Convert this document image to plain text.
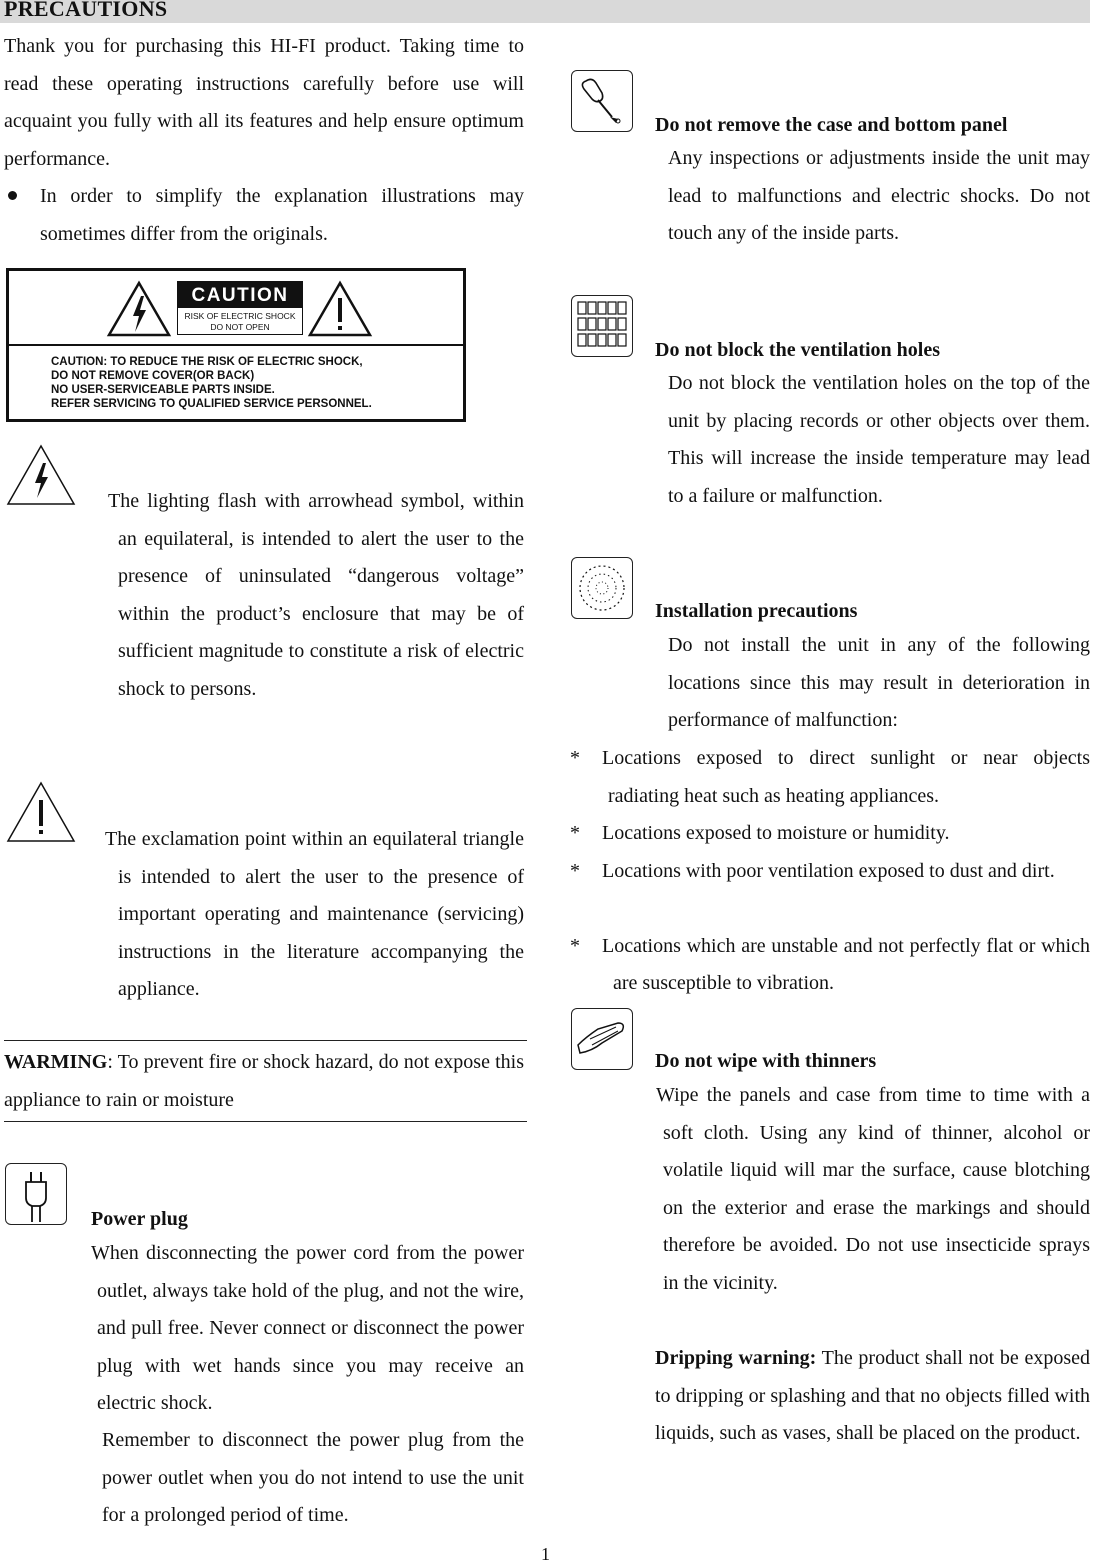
PRECAUTIONS

Thank you for purchasing this HI-FI product. Taking time to read these operating instructions carefully before use will acquaint you fully with all its features and help ensure optimum performance.

In order to simplify the explanation illustrations may sometimes differ from the originals.

CAUTION
RISK OF ELECTRIC SHOCK
DO NOT OPEN
CAUTION: TO REDUCE THE RISK OF ELECTRIC SHOCK,
DO NOT REMOVE COVER(OR BACK)
NO USER-SERVICEABLE PARTS INSIDE.
REFER SERVICING TO QUALIFIED SERVICE PERSONNEL.

The lighting flash with arrowhead symbol, within an equilateral, is intended to alert the user to the presence of uninsulated “dangerous voltage” within the product’s enclosure that may be of sufficient magnitude to constitute a risk of electric shock to persons.

The exclamation point within an equilateral triangle is intended to alert the user to the presence of important operating and maintenance (servicing) instructions in the literature accompanying the appliance.

WARMING: To prevent fire or shock hazard, do not expose this appliance to rain or moisture

Power plug

When disconnecting the power cord from the power outlet, always take hold of the plug, and not the wire, and pull free. Never connect or disconnect the power plug with wet hands since you may receive an electric shock.

Remember to disconnect the power plug from the power outlet when you do not intend to use the unit for a prolonged period of time.

Do not remove the case and bottom panel

Any inspections or adjustments inside the unit may lead to malfunctions and electric shocks. Do not touch any of the inside parts.

Do not block the ventilation holes

Do not block the ventilation holes on the top of the unit by placing records or other objects over them. This will increase the inside temperature may lead to a failure or malfunction.

Installation precautions

Do not install the unit in any of the following locations since this may result in deterioration in performance of malfunction:

* Locations exposed to direct sunlight or near objects radiating heat such as heating appliances.

* Locations exposed to moisture or humidity.

* Locations with poor ventilation exposed to dust and dirt.

* Locations which are unstable and not perfectly flat or which are susceptible to vibration.

Do not wipe with thinners

Wipe the panels and case from time to time with a soft cloth. Using any kind of thinner, alcohol or volatile liquid will mar the surface, cause blotching on the exterior and erase the markings and should therefore be avoided. Do not use insecticide sprays in the vicinity.

Dripping warning: The product shall not be exposed to dripping or splashing and that no objects filled with liquids, such as vases, shall be placed on the product.

1
